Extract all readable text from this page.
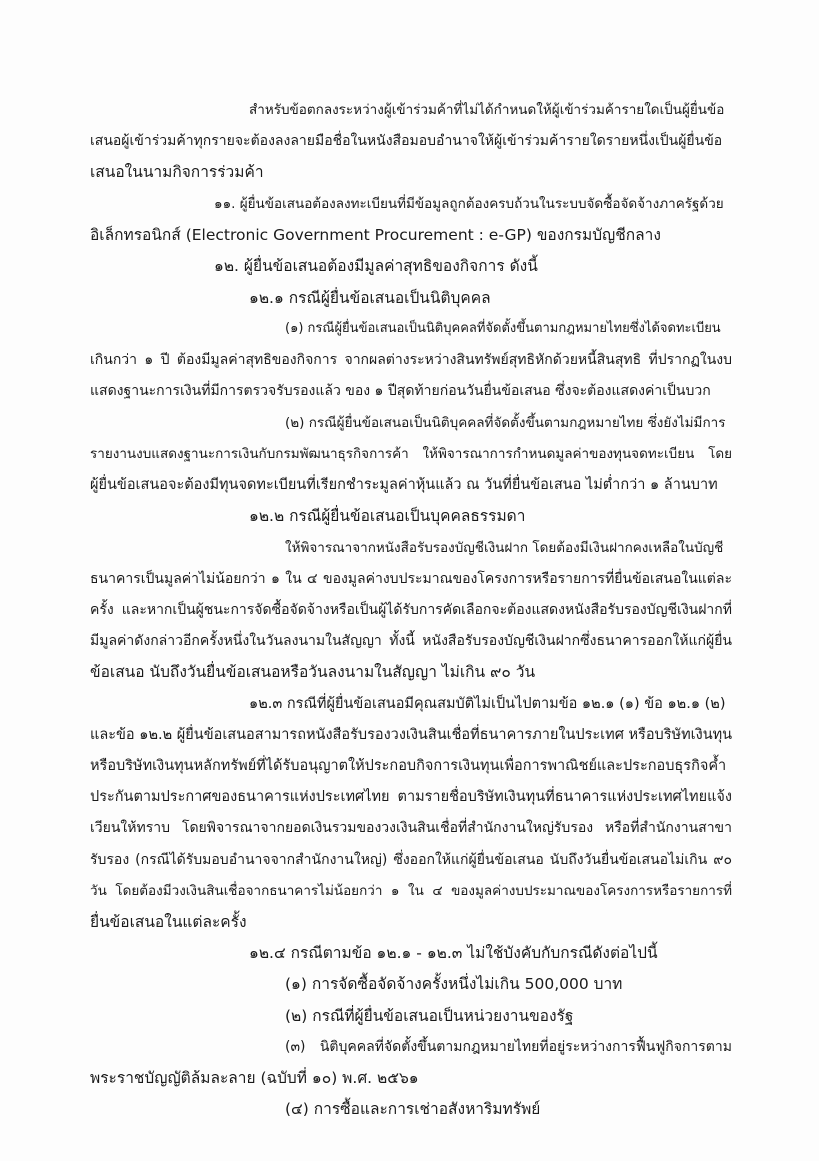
สำหรับข้อตกลงระหว่างผู้เข้าร่วมค้าที่ไม่ได้กำหนดให้ผู้เข้าร่วมค้ารายใดเป็นผู้ยื่นข้อ
เสนอผู้เข้าร่วมค้าทุกรายจะต้องลงลายมือชื่อในหนังสือมอบอำนาจให้ผู้เข้าร่วมค้ารายใดรายหนึ่งเป็นผู้ยื่นข้อ
เสนอในนามกิจการร่วมค้า
๑๑. ผู้ยื่นข้อเสนอต้องลงทะเบียนที่มีข้อมูลถูกต้องครบถ้วนในระบบจัดซื้อจัดจ้างภาครัฐด้วย
อิเล็กทรอนิกส์ (Electronic Government Procurement : e-GP) ของกรมบัญชีกลาง
๑๒. ผู้ยื่นข้อเสนอต้องมีมูลค่าสุทธิของกิจการ ดังนี้
๑๒.๑ กรณีผู้ยื่นข้อเสนอเป็นนิติบุคคล
(๑) กรณีผู้ยื่นข้อเสนอเป็นนิติบุคคลที่จัดตั้งขึ้นตามกฎหมายไทยซึ่งได้จดทะเบียน
เกินกว่า ๑ ปี ต้องมีมูลค่าสุทธิของกิจการ จากผลต่างระหว่างสินทรัพย์สุทธิหักด้วยหนี้สินสุทธิ ที่ปรากฏในงบ
แสดงฐานะการเงินที่มีการตรวจรับรองแล้ว ของ ๑ ปีสุดท้ายก่อนวันยื่นข้อเสนอ ซึ่งจะต้องแสดงค่าเป็นบวก
(๒) กรณีผู้ยื่นข้อเสนอเป็นนิติบุคคลที่จัดตั้งขึ้นตามกฎหมายไทย ซึ่งยังไม่มีการ
รายงานงบแสดงฐานะการเงินกับกรมพัฒนาธุรกิจการค้า ให้พิจารณาการกำหนดมูลค่าของทุนจดทะเบียน โดย
ผู้ยื่นข้อเสนอจะต้องมีทุนจดทะเบียนที่เรียกชำระมูลค่าหุ้นแล้ว ณ วันที่ยื่นข้อเสนอ ไม่ต่ำกว่า ๑ ล้านบาท
๑๒.๒ กรณีผู้ยื่นข้อเสนอเป็นบุคคลธรรมดา
ให้พิจารณาจากหนังสือรับรองบัญชีเงินฝาก โดยต้องมีเงินฝากคงเหลือในบัญชี
ธนาคารเป็นมูลค่าไม่น้อยกว่า ๑ ใน ๔ ของมูลค่างบประมาณของโครงการหรือรายการที่ยื่นข้อเสนอในแต่ละ
ครั้ง และหากเป็นผู้ชนะการจัดซื้อจัดจ้างหรือเป็นผู้ได้รับการคัดเลือกจะต้องแสดงหนังสือรับรองบัญชีเงินฝากที่
มีมูลค่าดังกล่าวอีกครั้งหนึ่งในวันลงนามในสัญญา ทั้งนี้ หนังสือรับรองบัญชีเงินฝากซึ่งธนาคารออกให้แก่ผู้ยื่น
ข้อเสนอ นับถึงวันยื่นข้อเสนอหรือวันลงนามในสัญญา ไม่เกิน ๙๐ วัน
๑๒.๓ กรณีที่ผู้ยื่นข้อเสนอมีคุณสมบัติไม่เป็นไปตามข้อ ๑๒.๑ (๑) ข้อ ๑๒.๑ (๒)
และข้อ ๑๒.๒ ผู้ยื่นข้อเสนอสามารถหนังสือรับรองวงเงินสินเชื่อที่ธนาคารภายในประเทศ หรือบริษัทเงินทุน
หรือบริษัทเงินทุนหลักทรัพย์ที่ได้รับอนุญาตให้ประกอบกิจการเงินทุนเพื่อการพาณิชย์และประกอบธุรกิจค้ำ
ประกันตามประกาศของธนาคารแห่งประเทศไทย ตามรายชื่อบริษัทเงินทุนที่ธนาคารแห่งประเทศไทยแจ้ง
เวียนให้ทราบ โดยพิจารณาจากยอดเงินรวมของวงเงินสินเชื่อที่สำนักงานใหญ่รับรอง หรือที่สำนักงานสาขา
รับรอง (กรณีได้รับมอบอำนาจจากสำนักงานใหญ่) ซึ่งออกให้แก่ผู้ยื่นข้อเสนอ นับถึงวันยื่นข้อเสนอไม่เกิน ๙๐
วัน โดยต้องมีวงเงินสินเชื่อจากธนาคารไม่น้อยกว่า ๑ ใน ๔ ของมูลค่างบประมาณของโครงการหรือรายการที่
ยื่นข้อเสนอในแต่ละครั้ง
๑๒.๔ กรณีตามข้อ ๑๒.๑ - ๑๒.๓ ไม่ใช้บังคับกับกรณีดังต่อไปนี้
(๑) การจัดซื้อจัดจ้างครั้งหนึ่งไม่เกิน 500,000 บาท
(๒) กรณีที่ผู้ยื่นข้อเสนอเป็นหน่วยงานของรัฐ
(๓) นิติบุคคลที่จัดตั้งขึ้นตามกฎหมายไทยที่อยู่ระหว่างการฟื้นฟูกิจการตาม
พระราชบัญญัติล้มละลาย (ฉบับที่ ๑๐) พ.ศ. ๒๕๖๑
(๔) การซื้อและการเช่าอสังหาริมทรัพย์
